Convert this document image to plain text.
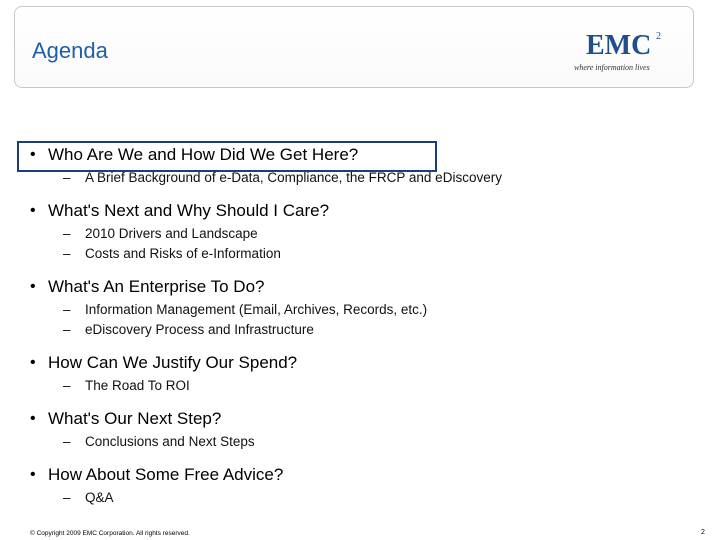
Agenda	EMC 2
where information lives
• Who Are We and How Did We Get Here?
– A Brief Background of e-Data, Compliance, the FRCP and eDiscovery
• What's Next and Why Should I Care?
– 2010 Drivers and Landscape
– Costs and Risks of e-Information
• What's An Enterprise To Do?
– Information Management (Email, Archives, Records, etc.)
– eDiscovery Process and Infrastructure
• How Can We Justify Our Spend?
– The Road To ROI
• What's Our Next Step?
– Conclusions and Next Steps
• How About Some Free Advice?
– Q&A
© Copyright 2009 EMC Corporation. All rights reserved.	2
